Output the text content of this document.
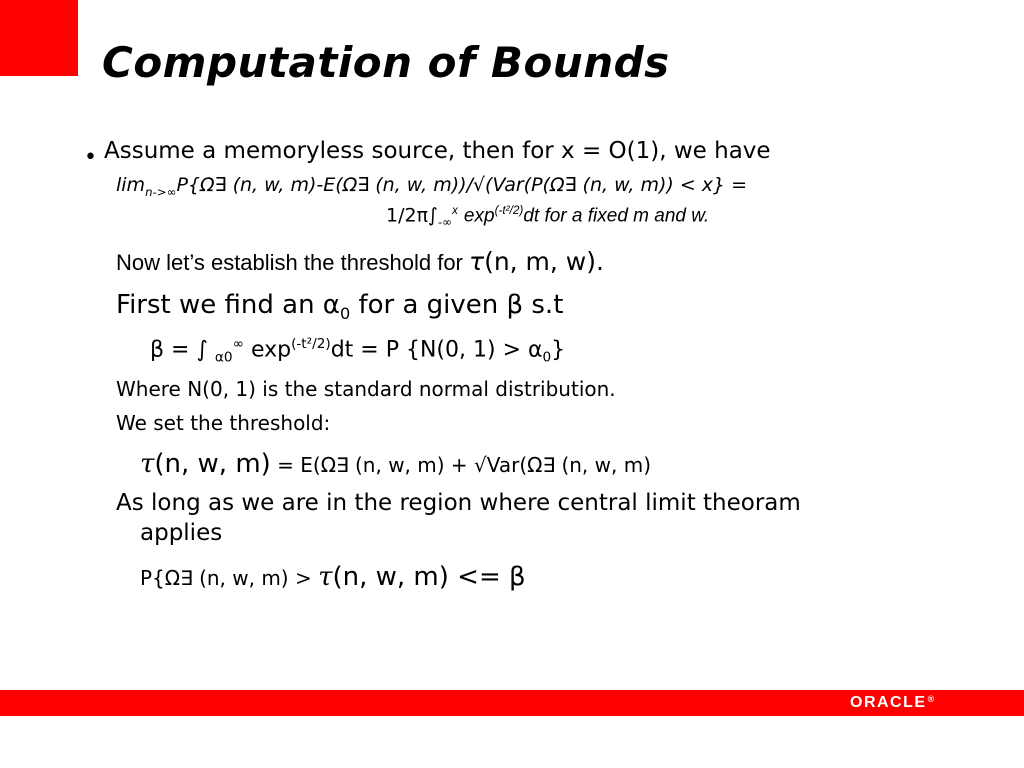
Computation of Bounds
• Assume a memoryless source, then for x = O(1), we have
$\lim_{n->\infty}P\{\Omega\exists$ (n, w, m)-E(Ω∃ (n, w, m))/√(Var(P(Ω∃ (n, w, m)) < x} =
$1/2\pi\int_{-\infty}^x$ $\exp^{(-t^2/2)}dt$ for a fixed m and w.
Now let’s establish the threshold for τ(n, m, w).
First we find an $\alpha_0$ for a given β s.t
β = ∫ $_{\alpha 0}$∞ $\exp^{(-t^2/2)}dt = P$ {N(0, $1) > \alpha_0$}
Where N(0, 1) is the standard normal distribution.
We set the threshold:
τ(n, w, m) = E(Ω∃ (n, w, m) + √Var(Ω∃ (n, w, m)
As long as we are in the region where central limit theoram
applies
P{Ω∃ (n, w, m) > τ(n, w, m) <= β
ORACLE®
